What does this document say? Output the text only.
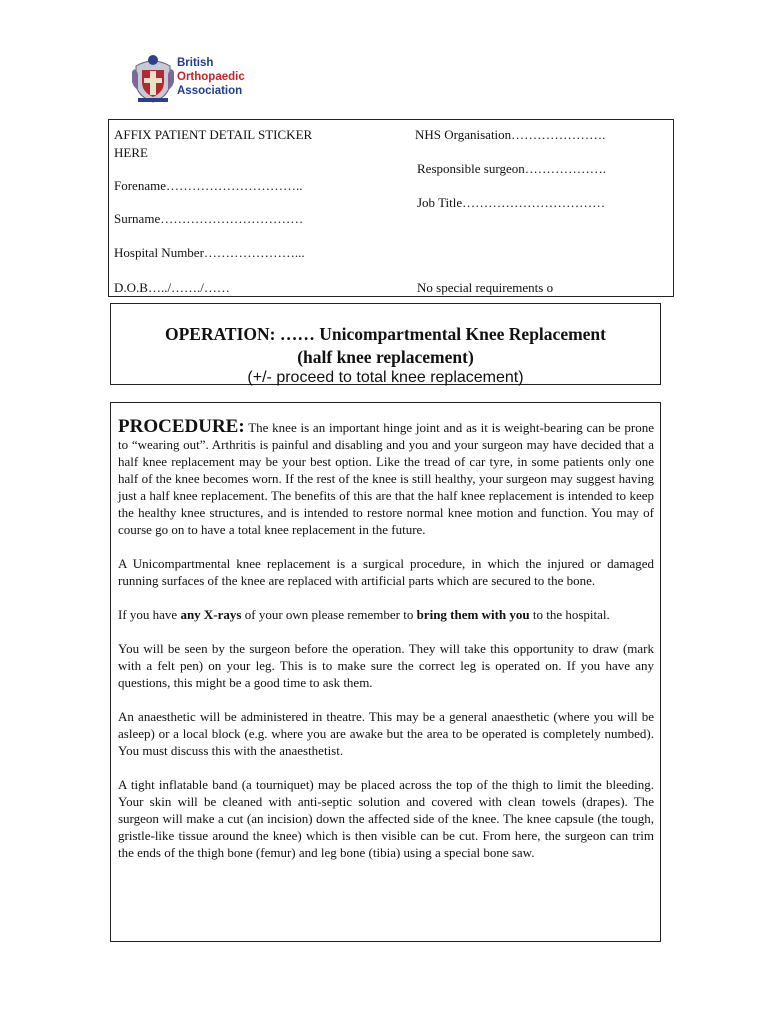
British
Orthopaedic
Association
AFFIX PATIENT DETAIL STICKER
HERE
Forename…………………………..
Surname……………………………
Hospital Number…………………...
D.O.B…../……./……
NHS Organisation………………….
Responsible surgeon……………….
Job Title……………………………
No special requirements o
OPERATION: …… Unicompartmental Knee Replacement
(half knee replacement)
(+/- proceed to total knee replacement)

PROCEDURE: The knee is an important hinge joint and as it is weight-bearing can be prone to “wearing out”. Arthritis is painful and disabling and you and your surgeon may have decided that a half knee replacement may be your best option. Like the tread of car tyre, in some patients only one half of the knee becomes worn. If the rest of the knee is still healthy, your surgeon may suggest having just a half knee replacement. The benefits of this are that the half knee replacement is intended to keep the healthy knee structures, and is intended to restore normal knee motion and function. You may of course go on to have a total knee replacement in the future.

A Unicompartmental knee replacement is a surgical procedure, in which the injured or damaged running surfaces of the knee are replaced with artificial parts which are secured to the bone.

If you have any X-rays of your own please remember to bring them with you to the hospital.

You will be seen by the surgeon before the operation. They will take this opportunity to draw (mark with a felt pen) on your leg. This is to make sure the correct leg is operated on. If you have any questions, this might be a good time to ask them.

An anaesthetic will be administered in theatre. This may be a general anaesthetic (where you will be asleep) or a local block (e.g. where you are awake but the area to be operated is completely numbed). You must discuss this with the anaesthetist.

A tight inflatable band (a tourniquet) may be placed across the top of the thigh to limit the bleeding. Your skin will be cleaned with anti-septic solution and covered with clean towels (drapes). The surgeon will make a cut (an incision) down the affected side of the knee. The knee capsule (the tough, gristle-like tissue around the knee) which is then visible can be cut. From here, the surgeon can trim the ends of the thigh bone (femur) and leg bone (tibia) using a special bone saw.
